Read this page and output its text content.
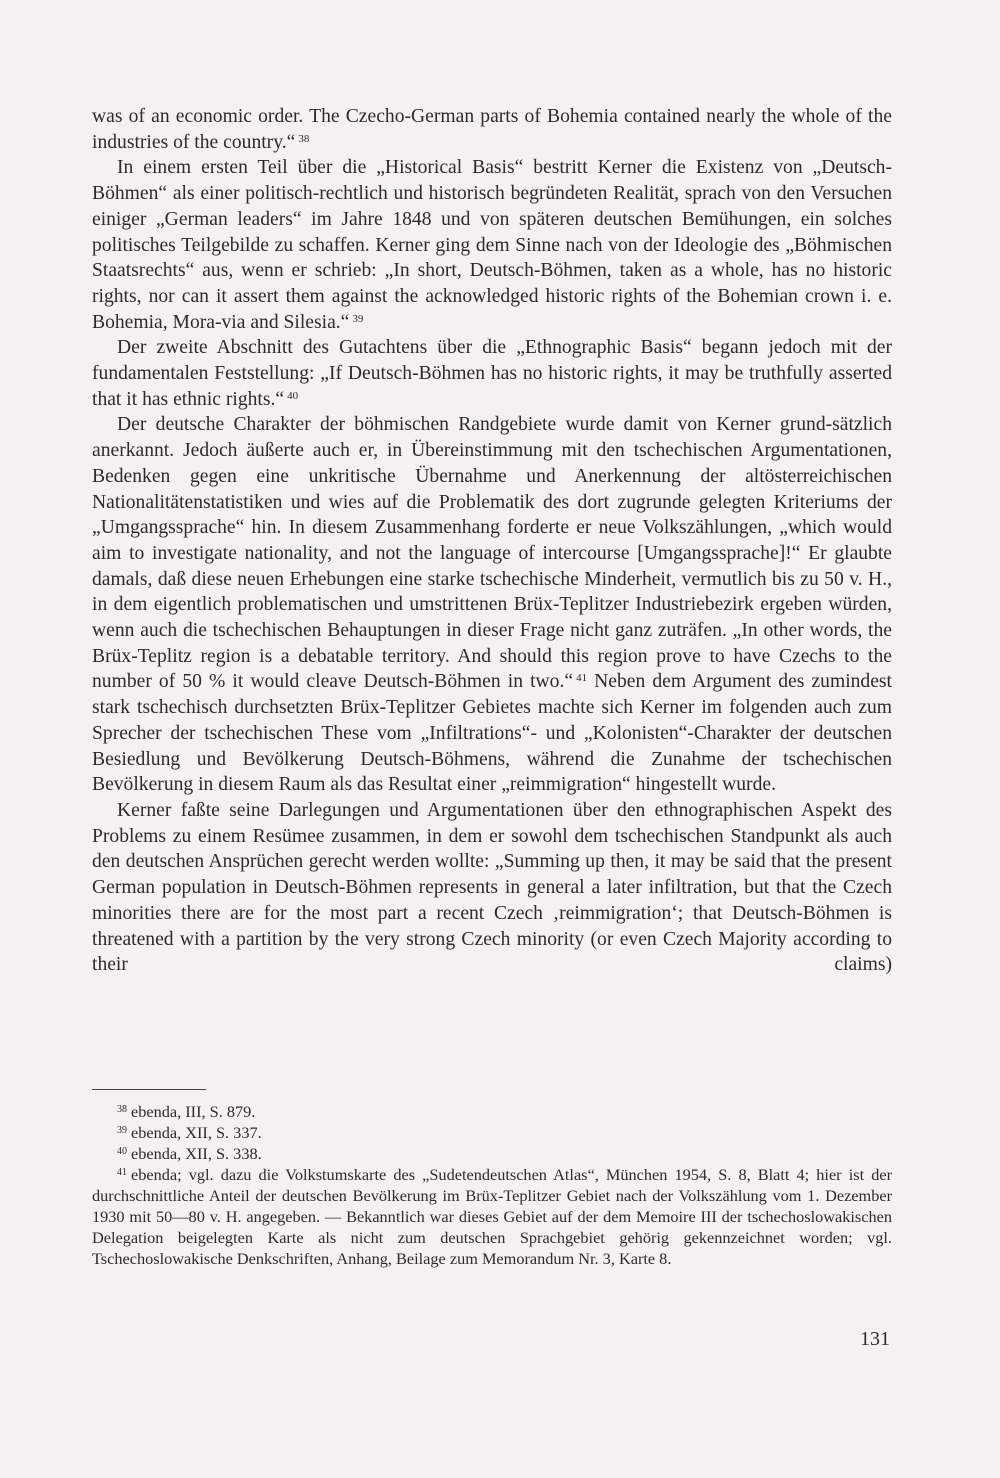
was of an economic order. The Czecho-German parts of Bohemia contained nearly the whole of the industries of the country.“ $^{38}$

In einem ersten Teil über die „Historical Basis“ bestritt Kerner die Existenz von „Deutsch-Böhmen“ als einer politisch-rechtlich und historisch begründeten Realität, sprach von den Versuchen einiger „German leaders“ im Jahre 1848 und von späteren deutschen Bemühungen, ein solches politisches Teilgebilde zu schaffen. Kerner ging dem Sinne nach von der Ideologie des „Böhmischen Staatsrechts“ aus, wenn er schrieb: „In short, Deutsch-Böhmen, taken as a whole, has no historic rights, nor can it assert them against the acknowledged historic rights of the Bohemian crown i. e. Bohemia, Mora-via and Silesia.“ $^{39}$

Der zweite Abschnitt des Gutachtens über die „Ethnographic Basis“ begann jedoch mit der fundamentalen Feststellung: „If Deutsch-Böhmen has no historic rights, it may be truthfully asserted that it has ethnic rights.“ $^{40}$

Der deutsche Charakter der böhmischen Randgebiete wurde damit von Kerner grund-sätzlich anerkannt. Jedoch äußerte auch er, in Übereinstimmung mit den tschechischen Argumentationen, Bedenken gegen eine unkritische Übernahme und Anerkennung der altösterreichischen Nationalitätenstatistiken und wies auf die Problematik des dort zugrunde gelegten Kriteriums der „Umgangssprache“ hin. In diesem Zusammenhang forderte er neue Volkszählungen, „which would aim to investigate nationality, and not the language of intercourse [Umgangssprache]!“ Er glaubte damals, daß diese neuen Erhebungen eine starke tschechische Minderheit, vermutlich bis zu 50 v. H., in dem eigentlich problematischen und umstrittenen Brüx-Teplitzer Industriebezirk ergeben würden, wenn auch die tschechischen Behauptungen in dieser Frage nicht ganz zuträfen. „In other words, the Brüx-Teplitz region is a debatable territory. And should this region prove to have Czechs to the number of 50 % it would cleave Deutsch-Böhmen in two.“ $^{41}$ Neben dem Argument des zumindest stark tschechisch durchsetzten Brüx-Teplitzer Gebietes machte sich Kerner im folgenden auch zum Sprecher der tschechischen These vom „Infiltrations“- und „Kolonisten“-Charakter der deutschen Besiedlung und Bevölkerung Deutsch-Böhmens, während die Zunahme der tschechischen Bevölkerung in diesem Raum als das Resultat einer „reimmigration“ hingestellt wurde.

Kerner faßte seine Darlegungen und Argumentationen über den ethnographischen Aspekt des Problems zu einem Resümee zusammen, in dem er sowohl dem tschechischen Standpunkt als auch den deutschen Ansprüchen gerecht werden wollte: „Summing up then, it may be said that the present German population in Deutsch-Böhmen represents in general a later infiltration, but that the Czech minorities there are for the most part a recent Czech ‚reimmigration‘; that Deutsch-Böhmen is threatened with a partition by the very strong Czech minority (or even Czech Majority according to their claims)

$^{38}$ ebenda, III, S. 879.
$^{39}$ ebenda, XII, S. 337.
$^{40}$ ebenda, XII, S. 338.
$^{41}$ ebenda; vgl. dazu die Volkstumskarte des „Sudetendeutschen Atlas“, München 1954, S. 8, Blatt 4; hier ist der durchschnittliche Anteil der deutschen Bevölkerung im Brüx-Teplitzer Gebiet nach der Volkszählung vom 1. Dezember 1930 mit 50—80 v. H. angegeben. — Bekanntlich war dieses Gebiet auf der dem Memoire III der tschechoslowakischen Delegation beigelegten Karte als nicht zum deutschen Sprachgebiet gehörig gekennzeichnet worden; vgl. Tschechoslowakische Denkschriften, Anhang, Beilage zum Memorandum Nr. 3, Karte 8.
131
